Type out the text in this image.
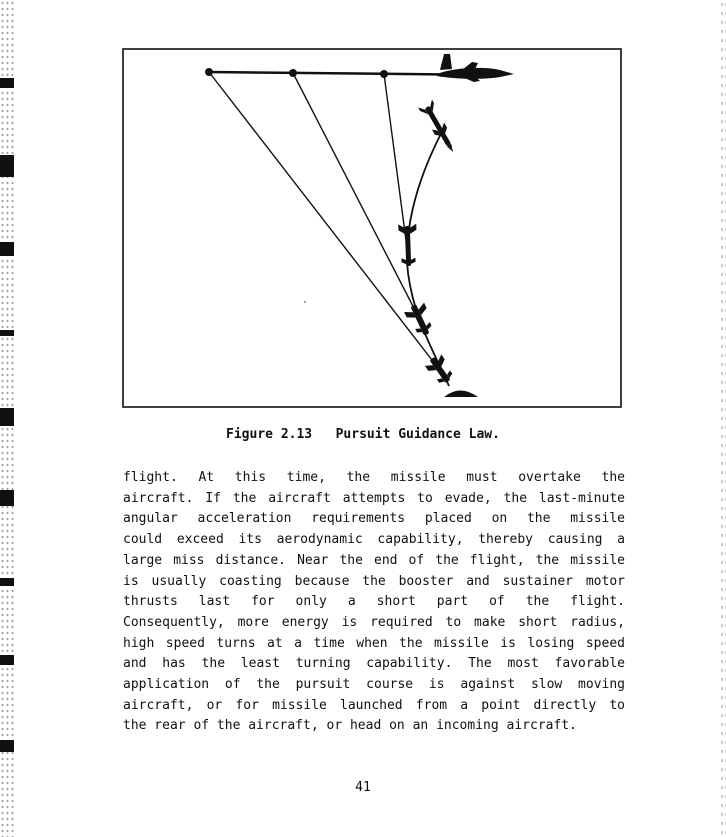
Figure 2.13   Pursuit Guidance Law.
flight. At this time, the missile must overtake the
aircraft. If the aircraft attempts to evade, the last-minute
angular acceleration requirements placed on the missile
could exceed its aerodynamic capability, thereby causing a
large miss distance. Near the end of the flight, the missile
is usually coasting because the booster and sustainer motor
thrusts last for only a short part of the flight.
Consequently, more energy is required to make short radius,
high speed turns at a time when the missile is losing speed
and has the least turning capability. The most favorable
application of the pursuit course is against slow moving
aircraft, or for missile launched from a point directly to
the rear of the aircraft, or head on an incoming aircraft.
41
